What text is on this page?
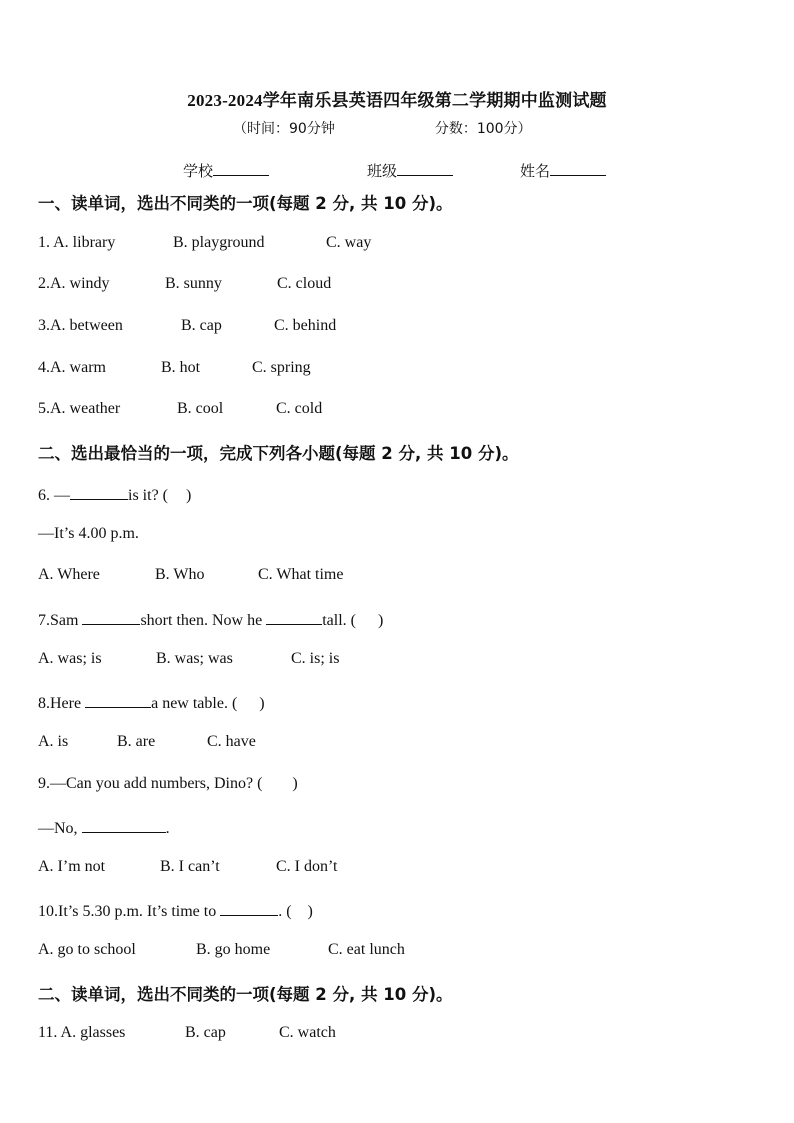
2023-2024学年南乐县英语四年级第二学期期中监测试题
（时间：90分钟	分数：100分）
学校	班级	姓名
一、读单词，选出不同类的一项(每题 2 分, 共 10 分)。
1. A. library	B. playground	C. way
2.A. windy	B. sunny	C. cloud
3.A. between	B. cap	C. behind
4.A. warm	B. hot	C. spring
5.A. weather	B. cool	C. cold
二、选出最恰当的一项，完成下列各小题(每题 2 分, 共 10 分)。
6. —	is it? ( )
—It’s 4.00 p.m.
A. Where	B. Who	C. What time
7.Sam	short then. Now he	tall. ( )
A. was; is	B. was; was	C. is; is
8.Here	a new table. ( )
A. is	B. are	C. have
9.—Can you add numbers, Dino? ( )
—No,	.
A. I’m not	B. I can’t	C. I don’t
10.It’s 5.30 p.m. It’s time to	. ( )
A. go to school	B. go home	C. eat lunch
二、读单词，选出不同类的一项(每题 2 分, 共 10 分)。
11. A. glasses	B. cap	C. watch
